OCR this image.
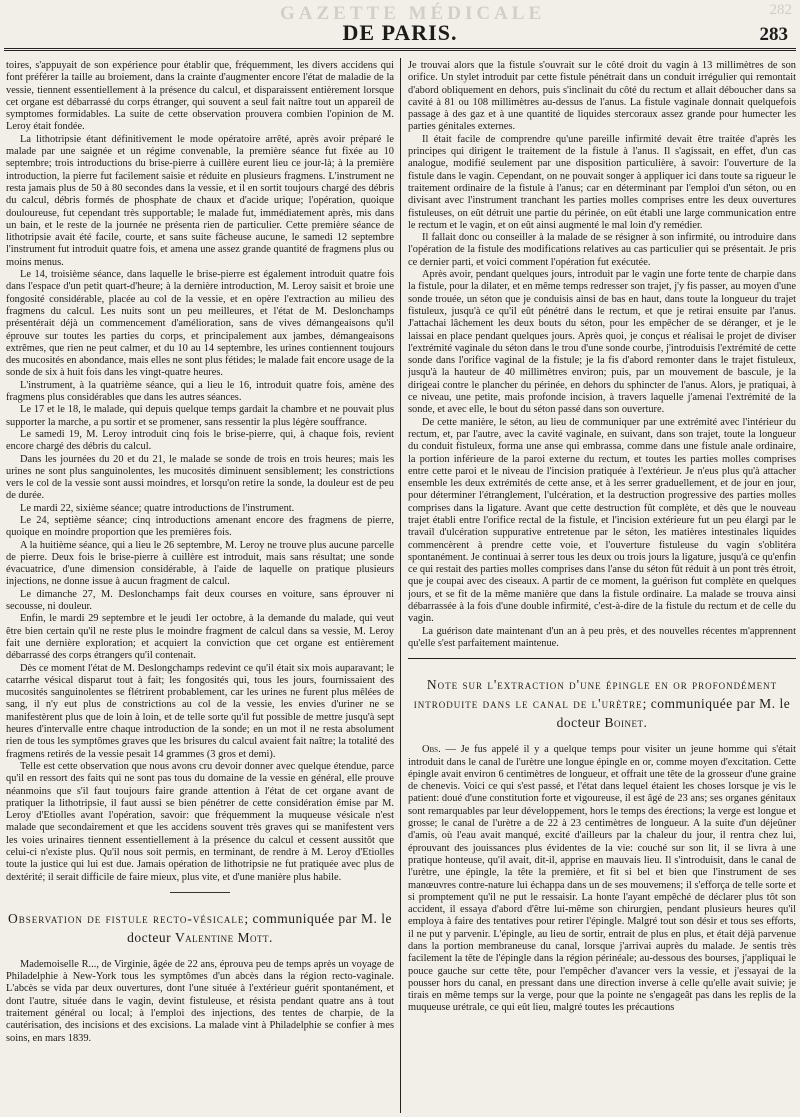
GAZETTE MÉDICALE	282
DE PARIS.	283

toires, s'appuyait de son expérience pour établir que, fréquemment, les divers accidens qui font préférer la taille au broiement, dans la crainte d'augmenter encore l'état de maladie de la vessie, tiennent essentiellement à la présence du calcul, et disparaissent entièrement lorsque cet organe est débarrassé du corps étranger, qui souvent a seul fait naître tout un appareil de symptomes formidables. La suite de cette observation prouvera combien l'opinion de M. Leroy était fondée.

La lithotripsie étant définitivement le mode opératoire arrêté, après avoir préparé le malade par une saignée et un régime convenable, la première séance fut fixée au 10 septembre; trois introductions du brise-pierre à cuillère eurent lieu ce jour-là; à la première introduction, la pierre fut facilement saisie et réduite en plusieurs fragmens. L'instrument ne resta jamais plus de 50 à 80 secondes dans la vessie, et il en sortit toujours chargé des débris du calcul, débris formés de phosphate de chaux et d'acide urique; l'opération, quoique douloureuse, fut cependant très supportable; le malade fut, immédiatement après, mis dans un bain, et le reste de la journée ne présenta rien de particulier. Cette première séance de lithotripsie avait été facile, courte, et sans suite fâcheuse aucune, le samedi 12 septembre l'instrument fut introduit quatre fois, et amena une assez grande quantité de fragmens plus ou moins menus.

Le 14, troisième séance, dans laquelle le brise-pierre est également introduit quatre fois dans l'espace d'un petit quart-d'heure; à la dernière introduction, M. Leroy saisit et broie une fongosité considérable, placée au col de la vessie, et en opère l'extraction au milieu des fragmens du calcul. Les nuits sont un peu meilleures, et l'état de M. Deslonchamps présentérait déjà un commencement d'amélioration, sans de vives démangeaisons qu'il éprouve sur toutes les parties du corps, et principalement aux jambes, démangeaisons extrêmes, que rien ne peut calmer, et du 10 au 14 septembre, les urines contiennent toujours des mucosités en abondance, mais elles ne sont plus fétides; le malade fait encore usage de la sonde de six à huit fois dans les vingt-quatre heures.

L'instrument, à la quatrième séance, qui a lieu le 16, introduit quatre fois, amène des fragmens plus considérables que dans les autres séances.

Le 17 et le 18, le malade, qui depuis quelque temps gardait la chambre et ne pouvait plus supporter la marche, a pu sortir et se promener, sans ressentir la plus légère souffrance.

Le samedi 19, M. Leroy introduit cinq fois le brise-pierre, qui, à chaque fois, revient encore chargé des débris du calcul.

Dans les journées du 20 et du 21, le malade se sonde de trois en trois heures; mais les urines ne sont plus sanguinolentes, les mucosités diminuent sensiblement; les constrictions vers le col de la vessie sont aussi moindres, et lorsqu'on retire la sonde, la douleur est de peu de durée.

Le mardi 22, sixième séance; quatre introductions de l'instrument.

Le 24, septième séance; cinq introductions amenant encore des fragmens de pierre, quoique en moindre proportion que les premières fois.

A la huitième séance, qui a lieu le 26 septembre, M. Leroy ne trouve plus aucune parcelle de pierre. Deux fois le brise-pierre à cuillère est introduit, mais sans résultat; une sonde évacuatrice, d'une dimension considérable, à l'aide de laquelle on pratique plusieurs injections, ne donne issue à aucun fragment de calcul.

Le dimanche 27, M. Deslonchamps fait deux courses en voiture, sans éprouver ni secousse, ni douleur.

Enfin, le mardi 29 septembre et le jeudi 1er octobre, à la demande du malade, qui veut être bien certain qu'il ne reste plus le moindre fragment de calcul dans sa vessie, M. Leroy fait une dernière exploration; et acquiert la conviction que cet organe est entièrement débarrassé des corps étrangers qu'il contenait.

Dès ce moment l'état de M. Deslongchamps redevint ce qu'il était six mois auparavant; le catarrhe vésical disparut tout à fait; les fongosités qui, tous les jours, fournissaient des mucosités sanguinolentes se flétrirent probablement, car les urines ne furent plus mêlées de sang, il n'y eut plus de constrictions au col de la vessie, les envies d'uriner ne se manifestèrent plus que de loin à loin, et de telle sorte qu'il fut possible de mettre jusqu'à sept heures d'intervalle entre chaque introduction de la sonde; en un mot il ne resta absolument rien de tous les symptômes graves que les brisures du calcul avaient fait naître; la totalité des fragmens retirés de la vessie pesait 14 grammes (3 gros et demi).

Telle est cette observation que nous avons cru devoir donner avec quelque étendue, parce qu'il en ressort des faits qui ne sont pas tous du domaine de la vessie en général, elle prouve néanmoins que s'il faut toujours faire grande attention à l'état de cet organe avant de pratiquer la lithotripsie, il faut aussi se bien pénétrer de cette considération émise par M. Leroy d'Etiolles avant l'opération, savoir: que fréquemment la muqueuse vésicale n'est malade que secondairement et que les accidens souvent très graves qui se manifestent vers les voies urinaires tiennent essentiellement à la présence du calcul et cessent aussitôt que celui-ci n'existe plus. Qu'il nous soit permis, en terminant, de rendre à M. Leroy d'Etiolles toute la justice qui lui est due. Jamais opération de lithotripsie ne fut pratiquée avec plus de dextérité; il serait difficile de faire mieux, plus vite, et d'une manière plus habile.

Observation de fistule recto-vésicale; communiquée par M. le docteur Valentine Mott.

Mademoiselle R..., de Virginie, âgée de 22 ans, éprouva peu de temps après un voyage de Philadelphie à New-York tous les symptômes d'un abcès dans la région recto-vaginale. L'abcès se vida par deux ouvertures, dont l'une située à l'extérieur guérit spontanément, et dont l'autre, située dans le vagin, devint fistuleuse, et résista pendant quatre ans à tout traitement général ou local; à l'emploi des injections, des tentes de charpie, de la cautérisation, des incisions et des excisions. La malade vint à Philadelphie se confier à mes soins, en mars 1839.

Je trouvai alors que la fistule s'ouvrait sur le côté droit du vagin à 13 millimètres de son orifice. Un stylet introduit par cette fistule pénétrait dans un conduit irrégulier qui remontait d'abord obliquement en dehors, puis s'inclinait du côté du rectum et allait déboucher dans sa cavité à 81 ou 108 millimètres au-dessus de l'anus. La fistule vaginale donnait quelquefois passage à des gaz et à une quantité de liquides stercoraux assez grande pour humecter les parties génitales externes.

Il était facile de comprendre qu'une pareille infirmité devait être traitée d'après les principes qui dirigent le traitement de la fistule à l'anus. Il s'agissait, en effet, d'un cas analogue, modifié seulement par une disposition particulière, à savoir: l'ouverture de la fistule dans le vagin. Cependant, on ne pouvait songer à appliquer ici dans toute sa rigueur le traitement ordinaire de la fistule à l'anus; car en déterminant par l'emploi d'un séton, ou en divisant avec l'instrument tranchant les parties molles comprises entre les deux ouvertures fistuleuses, on eût détruit une partie du périnée, on eût établi une large communication entre le rectum et le vagin, et on eût ainsi augmenté le mal loin d'y remédier.

Il fallait donc ou conseiller à la malade de se résigner à son infirmité, ou introduire dans l'opération de la fistule des modifications relatives au cas particulier qui se présentait. Je pris ce dernier parti, et voici comment l'opération fut exécutée.

Après avoir, pendant quelques jours, introduit par le vagin une forte tente de charpie dans la fistule, pour la dilater, et en même temps redresser son trajet, j'y fis passer, au moyen d'une sonde trouée, un séton que je conduisis ainsi de bas en haut, dans toute la longueur du trajet fistuleux, jusqu'à ce qu'il eût pénétré dans le rectum, et que je retirai ensuite par l'anus. J'attachai lâchement les deux bouts du séton, pour les empêcher de se déranger, et je le laissai en place pendant quelques jours. Après quoi, je conçus et réalisai le projet de diviser l'extrémité vaginale du séton dans le trou d'une sonde courbe, j'introduisis l'extrémité de cette sonde dans l'orifice vaginal de la fistule; je la fis d'abord remonter dans le trajet fistuleux, jusqu'à la hauteur de 40 millimètres environ; puis, par un mouvement de bascule, je la dirigeai contre le plancher du périnée, en dehors du sphincter de l'anus. Alors, je pratiquai, à ce niveau, une petite, mais profonde incision, à travers laquelle j'amenai l'extrémité de la sonde, et avec elle, le bout du séton passé dans son ouverture.

De cette manière, le séton, au lieu de communiquer par une extrémité avec l'intérieur du rectum, et, par l'autre, avec la cavité vaginale, en suivant, dans son trajet, toute la longueur du conduit fistuleux, forma une anse qui embrassa, comme dans une fistule anale ordinaire, la portion inférieure de la paroi externe du rectum, et toutes les parties molles comprises entre cette paroi et le niveau de l'incision pratiquée à l'extérieur. Je n'eus plus qu'à attacher ensemble les deux extrémités de cette anse, et à les serrer graduellement, et de jour en jour, pour déterminer l'étranglement, l'ulcération, et la destruction progressive des parties molles comprises dans la ligature. Avant que cette destruction fût complète, et dès que le nouveau trajet établi entre l'orifice rectal de la fistule, et l'incision extérieure fut un peu élargi par le travail d'ulcération suppurative entretenue par le séton, les matières intestinales liquides commencèrent à prendre cette voie, et l'ouverture fistuleuse du vagin s'oblitéra spontanément. Je continuai à serrer tous les deux ou trois jours la ligature, jusqu'à ce qu'enfin ce qui restait des parties molles comprises dans l'anse du séton fût réduit à un pont très étroit, que je coupai avec des ciseaux. A partir de ce moment, la guérison fut complète en quelques jours, et se fit de la même manière que dans la fistule ordinaire. La malade se trouva ainsi débarrassée à la fois d'une double infirmité, c'est-à-dire de la fistule du rectum et de celle du vagin.

La guérison date maintenant d'un an à peu près, et des nouvelles récentes m'apprennent qu'elle s'est parfaitement maintenue.

Note sur l'extraction d'une épingle en or profondément introduite dans le canal de l'urètre; communiquée par M. le docteur Boinet.

Obs. — Je fus appelé il y a quelque temps pour visiter un jeune homme qui s'était introduit dans le canal de l'urètre une longue épingle en or, comme moyen d'excitation. Cette épingle avait environ 6 centimètres de longueur, et offrait une tête de la grosseur d'une graine de chenevis. Voici ce qui s'est passé, et l'état dans lequel étaient les choses lorsque je vis le patient: doué d'une constitution forte et vigoureuse, il est âgé de 23 ans; ses organes génitaux sont remarquables par leur développement, hors le temps des érections; la verge est longue et grosse; le canal de l'urètre a de 22 à 23 centimètres de longueur. A la suite d'un déjeûner d'amis, où l'eau avait manqué, excité d'ailleurs par la chaleur du jour, il rentra chez lui, éprouvant des jouissances plus évidentes de la vie: couché sur son lit, il se livra à une pratique honteuse, qu'il avait, dit-il, apprise en mauvais lieu. Il s'introduisit, dans le canal de l'urètre, une épingle, la tête la première, et fit si bel et bien que l'instrument de ses manœuvres contre-nature lui échappa dans un de ses mouvemens; il s'efforça de telle sorte et si promptement qu'il ne put le ressaisir. La honte l'ayant empêché de déclarer plus tôt son accident, il essaya d'abord d'être lui-même son chirurgien, pendant plusieurs heures qu'il employa à faire des tentatives pour retirer l'épingle. Malgré tout son désir et tous ses efforts, il ne put y parvenir. L'épingle, au lieu de sortir, entrait de plus en plus, et était déjà parvenue dans la portion membraneuse du canal, lorsque j'arrivai auprès du malade. Je sentis très facilement la tête de l'épingle dans la région périnéale; au-dessous des bourses, j'appliquai le pouce gauche sur cette tête, pour l'empêcher d'avancer vers la vessie, et j'essayai de la pousser hors du canal, en pressant dans une direction inverse à celle qu'elle avait suivie; je tirais en même temps sur la verge, pour que la pointe ne s'engageât pas dans les replis de la muqueuse urétrale, ce qui eût lieu, malgré toutes les précautions
